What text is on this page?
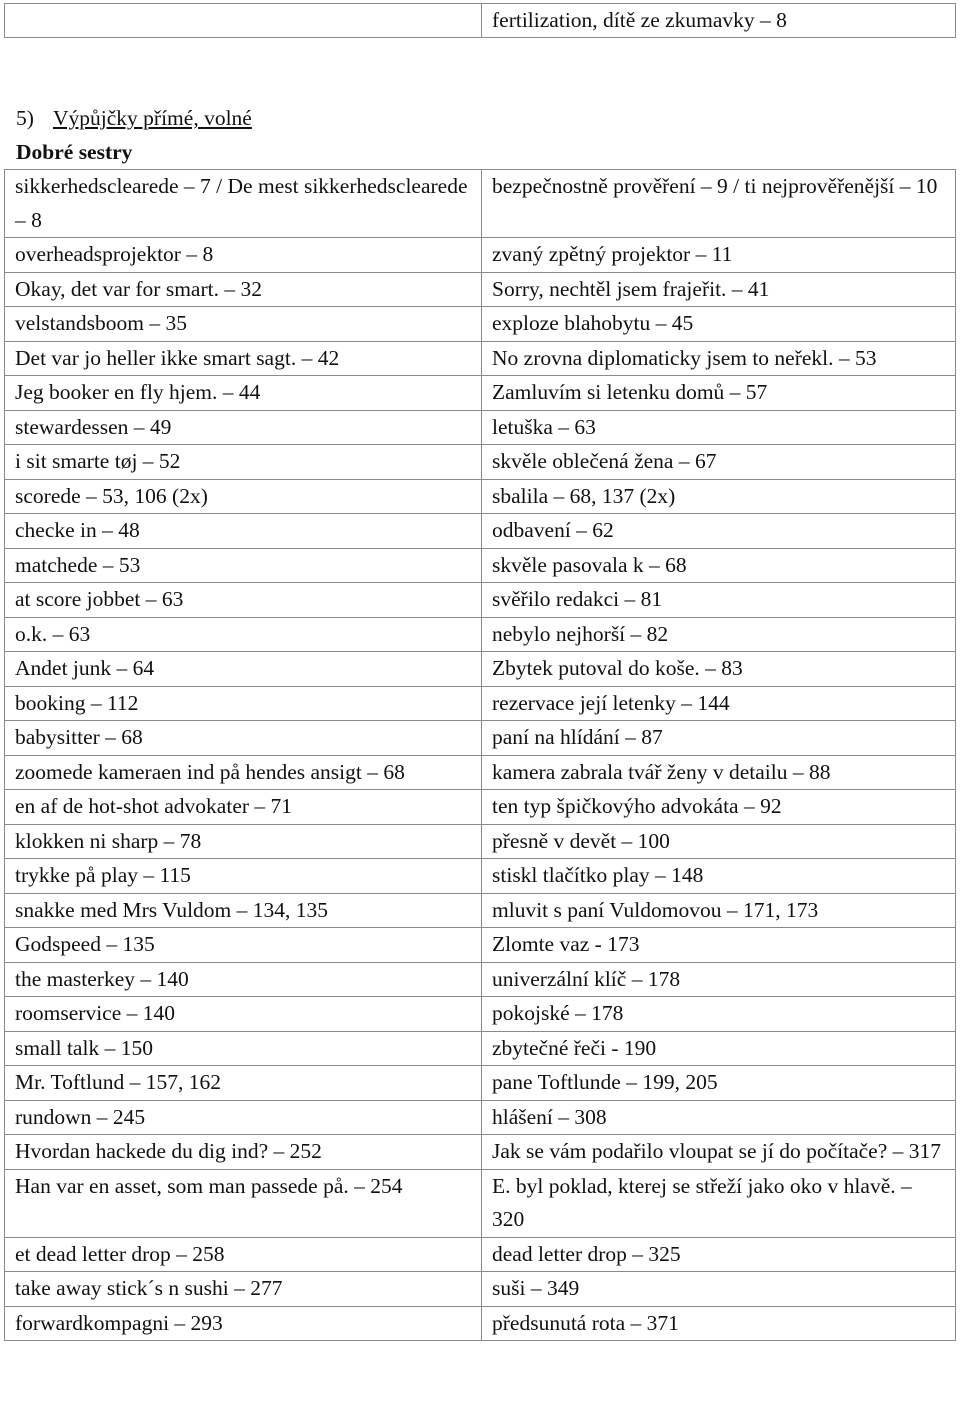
	fertilization, dítě ze zkumavky – 8
5) Výpůjčky přímé, volné
Dobré sestry
sikkerhedsclearede – 7 / De mest sikkerhedsclearede – 8	bezpečnostně prověření – 9 / ti nejprověřenější – 10
overheadsprojektor – 8	zvaný zpětný projektor – 11
Okay, det var for smart. – 32	Sorry, nechtěl jsem frajeřit. – 41
velstandsboom – 35	exploze blahobytu – 45
Det var jo heller ikke smart sagt. – 42	No zrovna diplomaticky jsem to neřekl. – 53
Jeg booker en fly hjem. – 44	Zamluvím si letenku domů – 57
stewardessen – 49	letuška – 63
i sit smarte tøj – 52	skvěle oblečená žena – 67
scorede – 53, 106 (2x)	sbalila – 68, 137 (2x)
checke in – 48	odbavení – 62
matchede – 53	skvěle pasovala k – 68
at score jobbet – 63	svěřilo redakci – 81
o.k. – 63	nebylo nejhorší – 82
Andet junk – 64	Zbytek putoval do koše. – 83
booking – 112	rezervace její letenky – 144
babysitter – 68	paní na hlídání – 87
zoomede kameraen ind på hendes ansigt – 68	kamera zabrala tvář ženy v detailu – 88
en af de hot-shot advokater – 71	ten typ špičkovýho advokáta – 92
klokken ni sharp – 78	přesně v devět – 100
trykke på play – 115	stiskl tlačítko play – 148
snakke med Mrs Vuldom – 134, 135	mluvit s paní Vuldomovou – 171, 173
Godspeed – 135	Zlomte vaz - 173
the masterkey – 140	univerzální klíč – 178
roomservice – 140	pokojské – 178
small talk – 150	zbytečné řeči - 190
Mr. Toftlund – 157, 162	pane Toftlunde – 199, 205
rundown – 245	hlášení – 308
Hvordan hackede du dig ind? – 252	Jak se vám podařilo vloupat se jí do počítače? – 317
Han var en asset, som man passede på. – 254	E. byl poklad, kterej se střeží jako oko v hlavě. – 320
et dead letter drop – 258	dead letter drop – 325
take away stick´s n sushi – 277	suši – 349
forwardkompagni – 293	předsunutá rota – 371
